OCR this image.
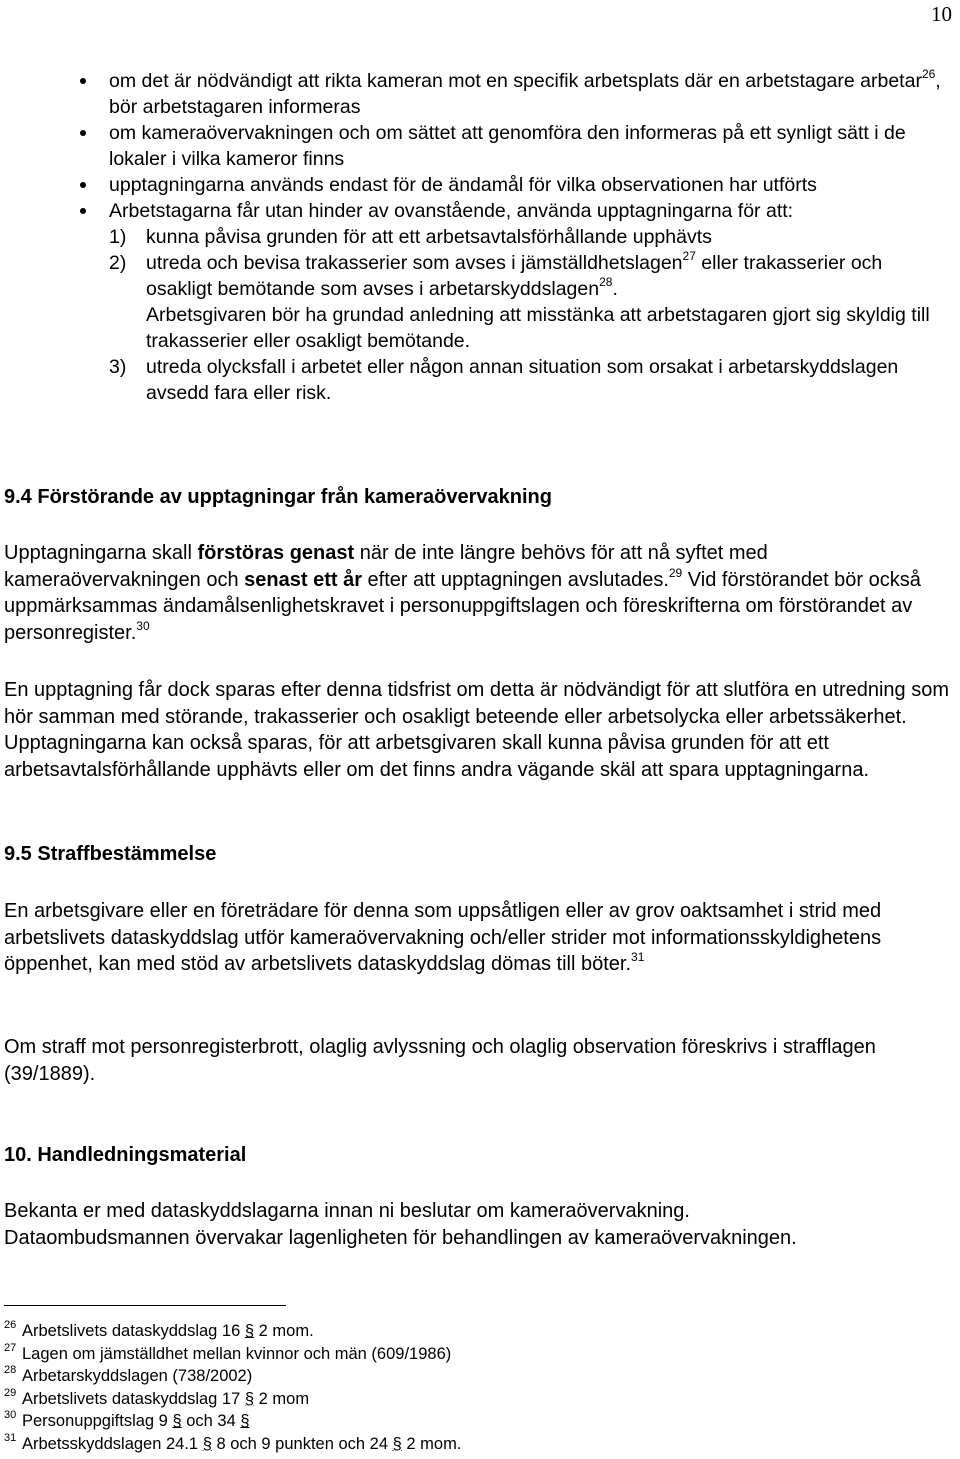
10

om det är nödvändigt att rikta kameran mot en specifik arbetsplats där en arbetstagare arbetar$^{26}$, bör arbetstagaren informeras

om kameraövervakningen och om sättet att genomföra den informeras på ett synligt sätt i de lokaler i vilka kameror finns

upptagningarna används endast för de ändamål för vilka observationen har utförts

Arbetstagarna får utan hinder av ovanstående, använda upptagningarna för att:

1)	kunna påvisa grunden för att ett arbetsavtalsförhållande upphävts
2)	utreda och bevisa trakasserier som avses i jämställdhetslagen$^{27}$ eller trakasserier och osakligt bemötande som avses i arbetarskyddslagen$^{28}$.

Arbetsgivaren bör ha grundad anledning att misstänka att arbetstagaren gjort sig skyldig till trakasserier eller osakligt bemötande.

3)	utreda olycksfall i arbetet eller någon annan situation som orsakat i arbetarskyddslagen avsedd fara eller risk.
9.4 Förstörande av upptagningar från kameraövervakning

Upptagningarna skall förstöras genast när de inte längre behövs för att nå syftet med kameraövervakningen och senast ett år efter att upptagningen avslutades.$^{29}$ Vid förstörandet bör också uppmärksammas ändamålsenlighetskravet i personuppgiftslagen och föreskrifterna om förstörandet av personregister.$^{30}$

En upptagning får dock sparas efter denna tidsfrist om detta är nödvändigt för att slutföra en utredning som hör samman med störande, trakasserier och osakligt beteende eller arbetsolycka eller arbetssäkerhet. Upptagningarna kan också sparas, för att arbetsgivaren skall kunna påvisa grunden för att ett arbetsavtalsförhållande upphävts eller om det finns andra vägande skäl att spara upptagningarna.

9.5 Straffbestämmelse

En arbetsgivare eller en företrädare för denna som uppsåtligen eller av grov oaktsamhet i strid med arbetslivets dataskyddslag utför kameraövervakning och/eller strider mot informationsskyldighetens öppenhet, kan med stöd av arbetslivets dataskyddslag dömas till böter.$^{31}$

Om straff mot personregisterbrott, olaglig avlyssning och olaglig observation föreskrivs i strafflagen (39/1889).

10. Handledningsmaterial

Bekanta er med dataskyddslagarna innan ni beslutar om kameraövervakning.
Dataombudsmannen övervakar lagenligheten för behandlingen av kameraövervakningen.

$^{26}$ Arbetslivets dataskyddslag 16 § 2 mom.
$^{27}$ Lagen om jämställdhet mellan kvinnor och män (609/1986)
$^{28}$ Arbetarskyddslagen (738/2002)
$^{29}$ Arbetslivets dataskyddslag 17 § 2 mom
$^{30}$ Personuppgiftslag 9 § och 34 §
$^{31}$ Arbetsskyddslagen 24.1 § 8 och 9 punkten och 24 § 2 mom.
